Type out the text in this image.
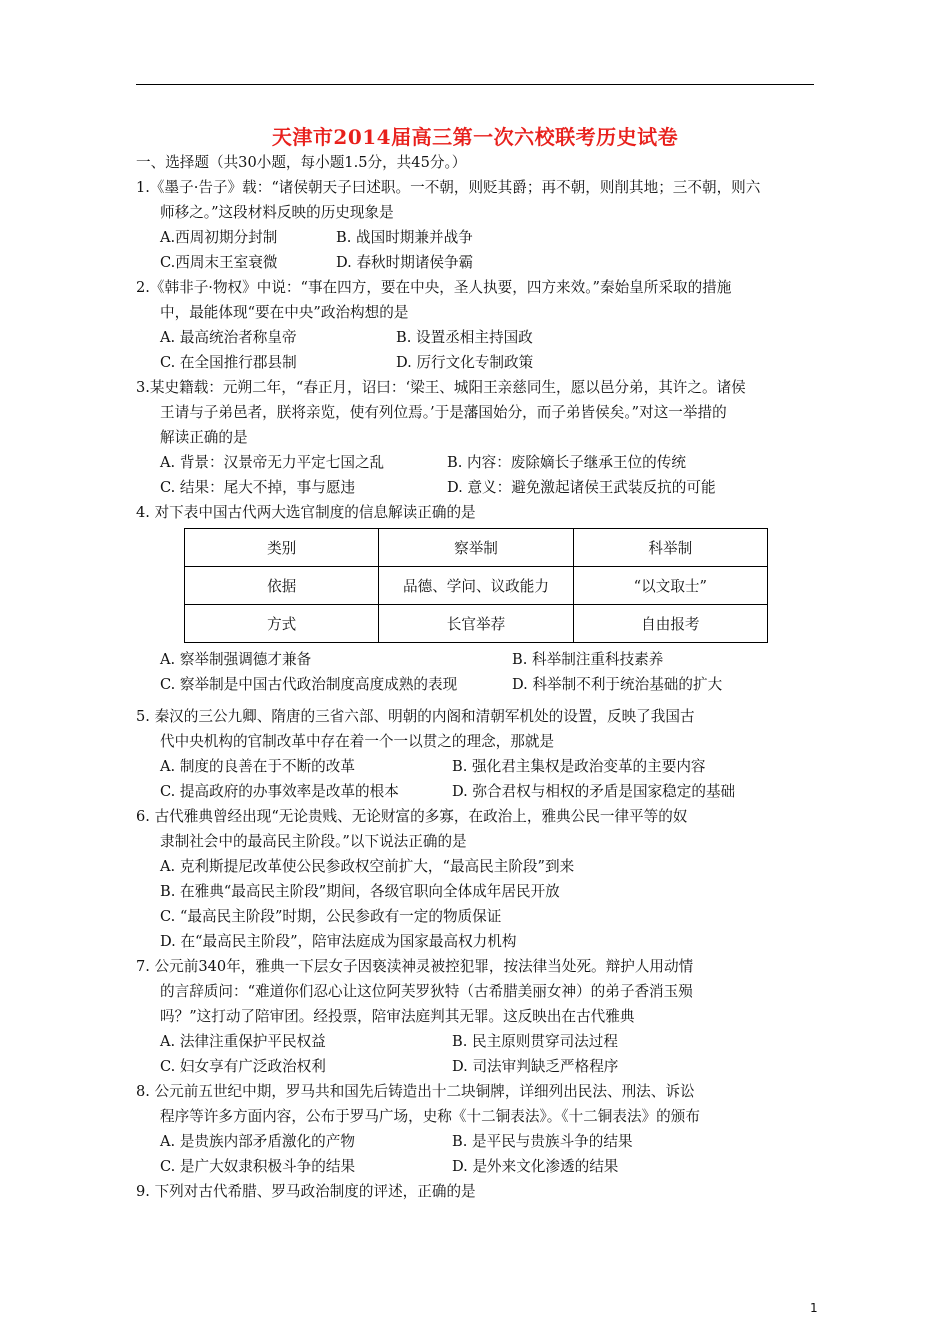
天津市2014届高三第一次六校联考历史试卷
一、选择题（共30小题，每小题1.5分，共45分。）
1.《墨子·告子》载：“诸侯朝天子曰述职。一不朝，则贬其爵；再不朝，则削其地；三不朝，则六
师移之。”这段材料反映的历史现象是
A.西周初期分封制	B. 战国时期兼并战争
C.西周末王室衰微	D. 春秋时期诸侯争霸
2.《韩非子·物权》中说：“事在四方，要在中央，圣人执要，四方来效。”秦始皇所采取的措施
中，最能体现“要在中央”政治构想的是
A. 最高统治者称皇帝	B. 设置丞相主持国政
C. 在全国推行郡县制	D. 厉行文化专制政策
3.某史籍载：元朔二年，“春正月，诏曰：‘梁王、城阳王亲慈同生，愿以邑分弟，其许之。诸侯
王请与子弟邑者，朕将亲览，使有列位焉。’于是藩国始分，而子弟皆侯矣。”对这一举措的
解读正确的是
A. 背景：汉景帝无力平定七国之乱	B. 内容：废除嫡长子继承王位的传统
C. 结果：尾大不掉，事与愿违	D. 意义：避免激起诸侯王武装反抗的可能
4. 对下表中国古代两大选官制度的信息解读正确的是
类别	察举制	科举制
依据	品德、学问、议政能力	“以文取士”
方式	长官举荐	自由报考
A. 察举制强调德才兼备	B. 科举制注重科技素养
C. 察举制是中国古代政治制度高度成熟的表现	D. 科举制不利于统治基础的扩大
5. 秦汉的三公九卿、隋唐的三省六部、明朝的内阁和清朝军机处的设置，反映了我国古
代中央机构的官制改革中存在着一个一以贯之的理念，那就是
A. 制度的良善在于不断的改革	B. 强化君主集权是政治变革的主要内容
C. 提高政府的办事效率是改革的根本	D. 弥合君权与相权的矛盾是国家稳定的基础
6. 古代雅典曾经出现“无论贵贱、无论财富的多寡，在政治上，雅典公民一律平等的奴
隶制社会中的最高民主阶段。”以下说法正确的是
A. 克利斯提尼改革使公民参政权空前扩大，“最高民主阶段”到来
B. 在雅典“最高民主阶段”期间，各级官职向全体成年居民开放
C. “最高民主阶段”时期，公民参政有一定的物质保证
D. 在“最高民主阶段”，陪审法庭成为国家最高权力机构
7. 公元前340年，雅典一下层女子因亵渎神灵被控犯罪，按法律当处死。辩护人用动情
的言辞质问：“难道你们忍心让这位阿芙罗狄特（古希腊美丽女神）的弟子香消玉殒
吗？”这打动了陪审团。经投票，陪审法庭判其无罪。这反映出在古代雅典
A. 法律注重保护平民权益	B. 民主原则贯穿司法过程
C. 妇女享有广泛政治权利	D. 司法审判缺乏严格程序
8. 公元前五世纪中期，罗马共和国先后铸造出十二块铜牌，详细列出民法、刑法、诉讼
程序等许多方面内容，公布于罗马广场，史称《十二铜表法》。《十二铜表法》的颁布
A. 是贵族内部矛盾激化的产物	B. 是平民与贵族斗争的结果
C. 是广大奴隶积极斗争的结果	D. 是外来文化渗透的结果
9. 下列对古代希腊、罗马政治制度的评述，正确的是
1
